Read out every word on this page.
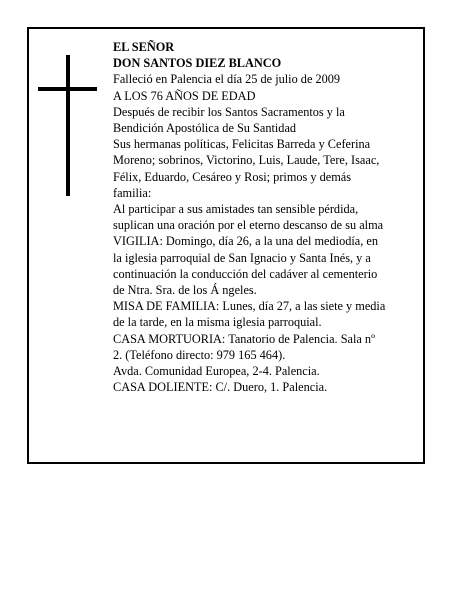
EL SEÑOR
DON SANTOS DIEZ BLANCO
Falleció en Palencia el día 25 de julio de 2009
A LOS 76 AÑOS DE EDAD
Después de recibir los Santos Sacramentos y la
Bendición Apostólica de Su Santidad
Sus hermanas políticas, Felicitas Barreda y Ceferina
Moreno; sobrinos, Victorino, Luis, Laude, Tere, Isaac,
Félix, Eduardo, Cesáreo y Rosi; primos y demás
familia:
Al participar a sus amistades tan sensible pérdida,
suplican una oración por el eterno descanso de su alma
VIGILIA: Domingo, día 26, a la una del mediodía, en
la iglesia parroquial de San Ignacio y Santa Inés, y a
continuación la conducción del cadáver al cementerio
de Ntra. Sra. de los Á ngeles.
MISA DE FAMILIA: Lunes, día 27, a las siete y media
de la tarde, en la misma iglesia parroquial.
CASA MORTUORIA: Tanatorio de Palencia. Sala nº
2. (Teléfono directo: 979 165 464).
Avda. Comunidad Europea, 2-4. Palencia.
CASA DOLIENTE: C/. Duero, 1. Palencia.
